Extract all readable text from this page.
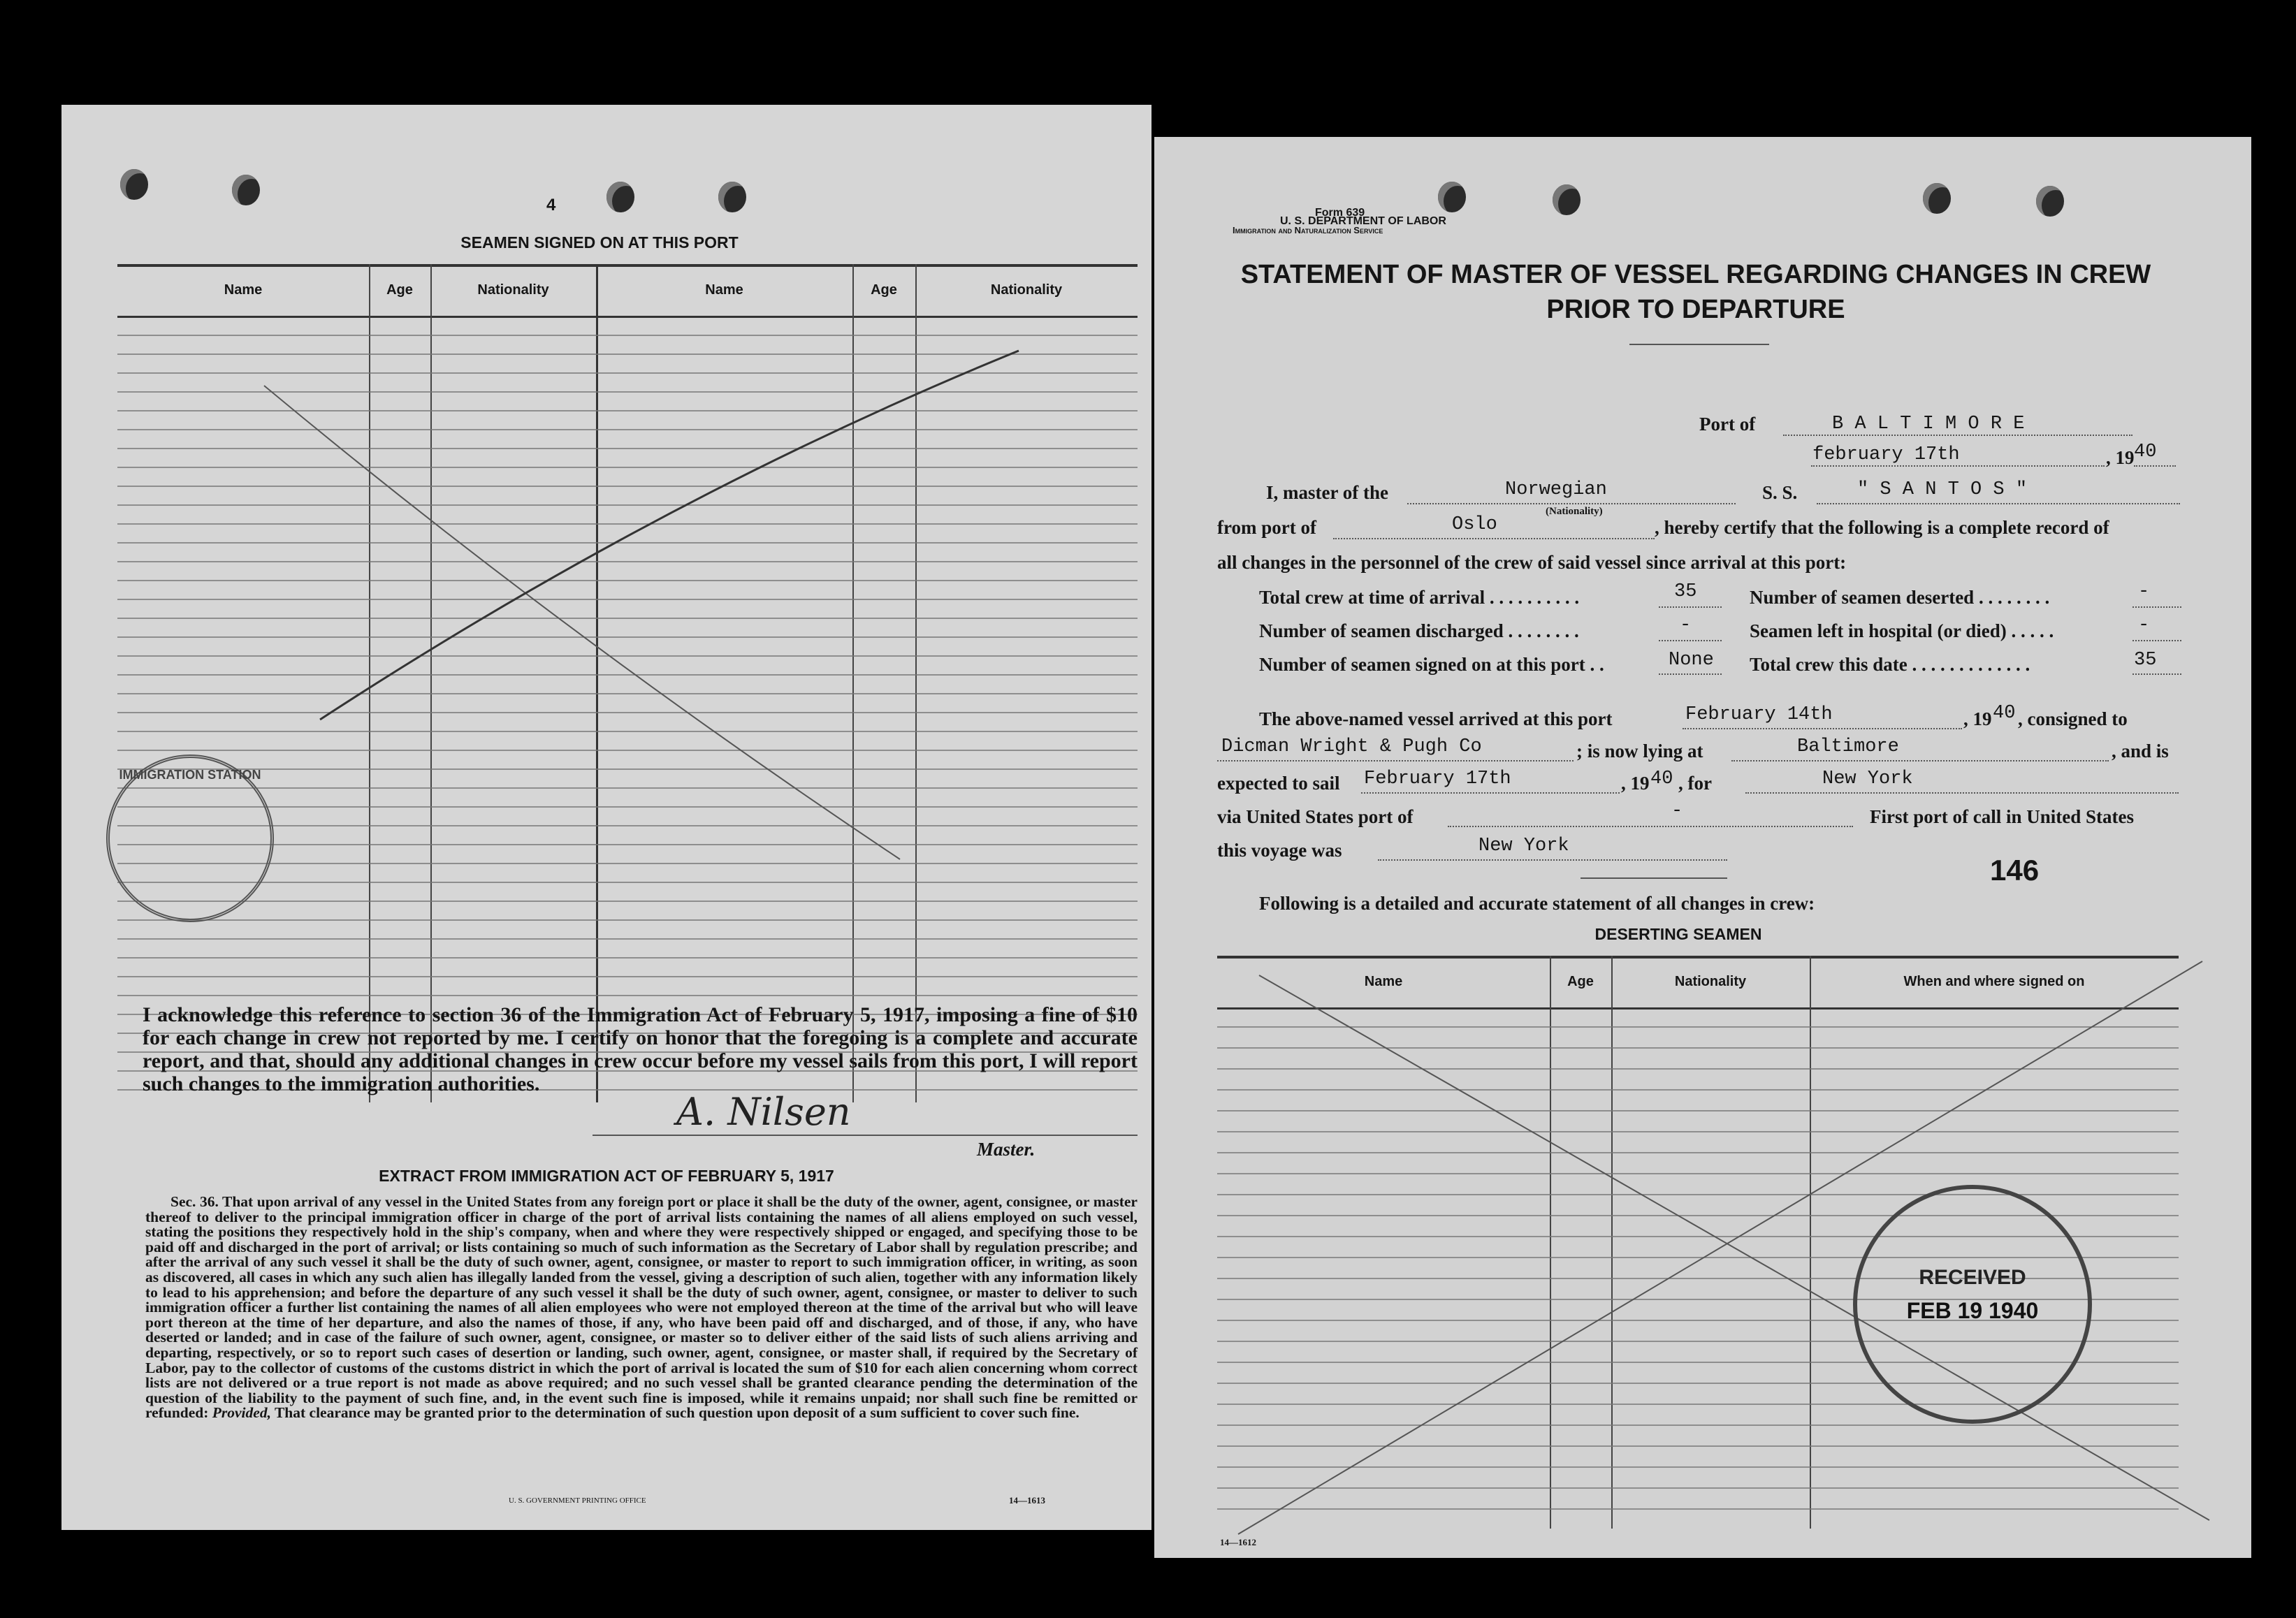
4
SEAMEN SIGNED ON AT THIS PORT
Name	Age	Nationality	Name	Age	Nationality
IMMIGRATION STATION
I acknowledge this reference to section 36 of the Immigration Act of February 5, 1917, imposing a fine of $10 for each change in crew not reported by me. I certify on honor that the foregoing is a complete and accurate report, and that, should any additional changes in crew occur before my vessel sails from this port, I will report such changes to the immigration authorities.
A. Nilsen
Master.
EXTRACT FROM IMMIGRATION ACT OF FEBRUARY 5, 1917
Sec. 36. That upon arrival of any vessel in the United States from any foreign port or place it shall be the duty of the owner, agent, consignee, or master thereof to deliver to the principal immigration officer in charge of the port of arrival lists containing the names of all aliens employed on such vessel, stating the positions they respectively hold in the ship's company, when and where they were respectively shipped or engaged, and specifying those to be paid off and discharged in the port of arrival; or lists containing so much of such information as the Secretary of Labor shall by regulation prescribe; and after the arrival of any such vessel it shall be the duty of such owner, agent, consignee, or master to report to such immigration officer, in writing, as soon as discovered, all cases in which any such alien has illegally landed from the vessel, giving a description of such alien, together with any information likely to lead to his apprehension; and before the departure of any such vessel it shall be the duty of such owner, agent, consignee, or master to deliver to such immigration officer a further list containing the names of all alien employees who were not employed thereon at the time of the arrival but who will leave port thereon at the time of her departure, and also the names of those, if any, who have been paid off and discharged, and of those, if any, who have deserted or landed; and in case of the failure of such owner, agent, consignee, or master so to deliver either of the said lists of such aliens arriving and departing, respectively, or so to report such cases of desertion or landing, such owner, agent, consignee, or master shall, if required by the Secretary of Labor, pay to the collector of customs of the customs district in which the port of arrival is located the sum of $10 for each alien concerning whom correct lists are not delivered or a true report is not made as above required; and no such vessel shall be granted clearance pending the determination of the question of the liability to the payment of such fine, and, in the event such fine is imposed, while it remains unpaid; nor shall such fine be remitted or refunded: Provided, That clearance may be granted prior to the determination of such question upon deposit of a sum sufficient to cover such fine.
U. S. GOVERNMENT PRINTING OFFICE	14—1613
Form 639
U. S. DEPARTMENT OF LABOR
Immigration and Naturalization Service
STATEMENT OF MASTER OF VESSEL REGARDING CHANGES IN CREW
PRIOR TO DEPARTURE
Port of	B A L T I M O R E
february 17th	, 19 40
I, master of the	Norwegian
(Nationality)
S. S.	" S A N T O S "
from port of	Oslo	, hereby certify that the following is a complete record of
all changes in the personnel of the crew of said vessel since arrival at this port:
Total crew at time of arrival . . . . . . . . . .	35	Number of seamen deserted . . . . . . . .	-
Number of seamen discharged . . . . . . . .	-	Seamen left in hospital (or died) . . . . .	-
Number of seamen signed on at this port . .	None Total crew this date . . . . . . . . . . . . .	35
The above-named vessel arrived at this port	February 14th	, 19 40 , consigned to
Dicman Wright & Pugh Co	; is now lying at	Baltimore	, and is
expected to sail February 17th	, 19 40 , for	New York
via United States port of	-	First port of call in United States
this voyage was	New York
146
Following is a detailed and accurate statement of all changes in crew:
DESERTING SEAMEN
Name	Age	Nationality	When and where signed on
RECEIVED
FEB 19 1940
14—1612
